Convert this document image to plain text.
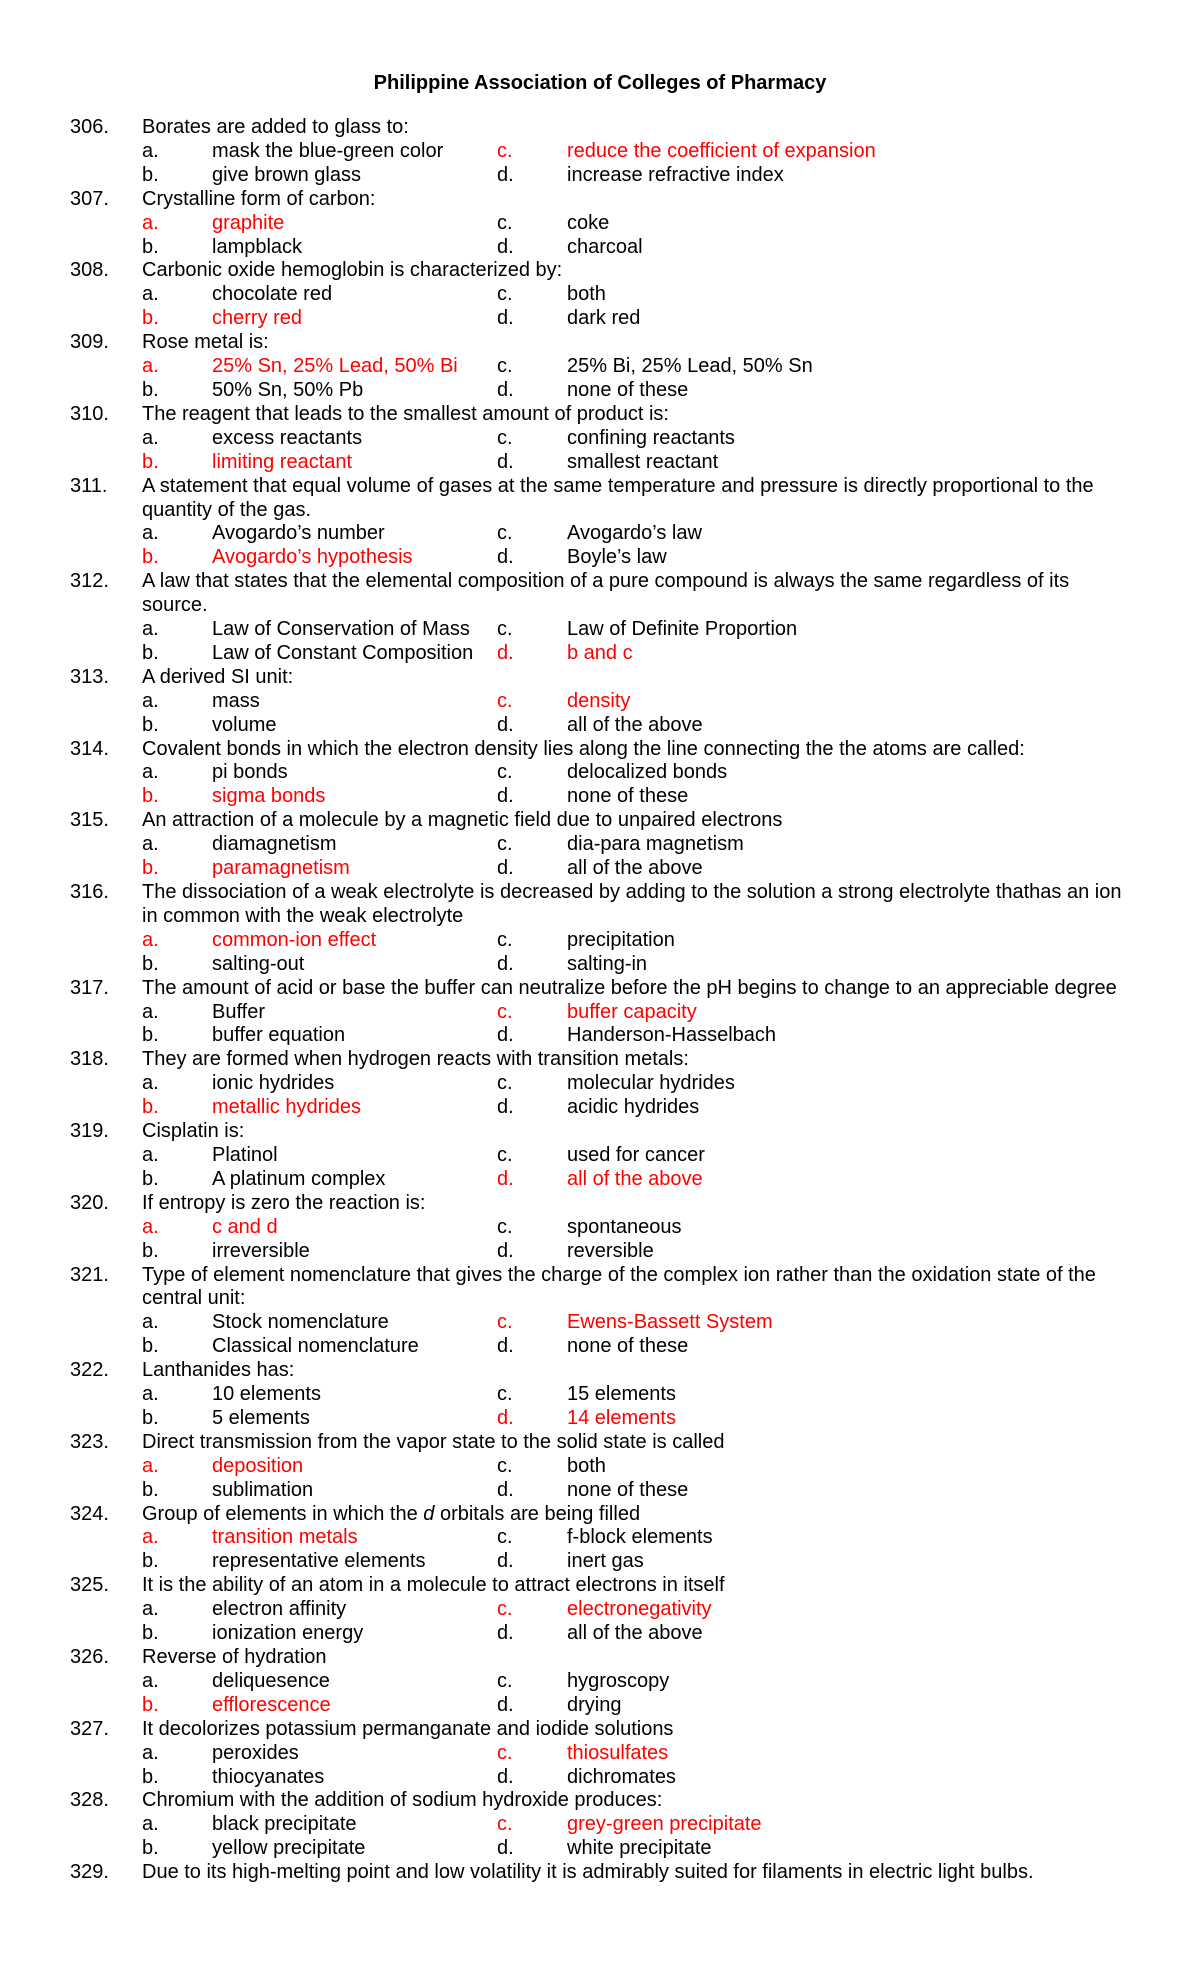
Philippine Association of Colleges of Pharmacy
306.	Borates are added to glass to:
a.	mask the blue-green color	c.	reduce the coefficient of expansion
b.	give brown glass	d.	increase refractive index
307.	Crystalline form of carbon:
a.	graphite	c.	coke
b.	lampblack	d.	charcoal
308.	Carbonic oxide hemoglobin is characterized by:
a.	chocolate red	c.	both
b.	cherry red	d.	dark red
309.	Rose metal is:
a.	25% Sn, 25% Lead, 50% Bi	c.	25% Bi, 25% Lead, 50% Sn
b.	50% Sn, 50% Pb	d.	none of these
310.	The reagent that leads to the smallest amount of product is:
a.	excess reactants	c.	confining reactants
b.	limiting reactant	d.	smallest reactant
311.	A statement that equal volume of gases at the same temperature and pressure is directly proportional to the quantity of the gas.
a.	Avogardo’s number	c.	Avogardo’s law
b.	Avogardo’s hypothesis	d.	Boyle’s law
312.	A law that states that the elemental composition of a pure compound is always the same regardless of its source.
a.	Law of Conservation of Mass	c.	Law of Definite Proportion
b.	Law of Constant Composition	d.	b and c
313.	A derived SI unit:
a.	mass	c.	density
b.	volume	d.	all of the above
314.	Covalent bonds in which the electron density lies along the line connecting the the atoms are called:
a.	pi bonds	c.	delocalized bonds
b.	sigma bonds	d.	none of these
315.	An attraction of a molecule by a magnetic field due to unpaired electrons
a.	diamagnetism	c.	dia-para magnetism
b.	paramagnetism	d.	all of the above
316.	The dissociation of a weak electrolyte is decreased by adding to the solution a strong electrolyte thathas an ion in common with the weak electrolyte
a.	common-ion effect	c.	precipitation
b.	salting-out	d.	salting-in
317.	The amount of acid or base the buffer can neutralize before the pH begins to change to an appreciable degree
a.	Buffer	c.	buffer capacity
b.	buffer equation	d.	Handerson-Hasselbach
318.	They are formed when hydrogen reacts with transition metals:
a.	ionic hydrides	c.	molecular hydrides
b.	metallic hydrides	d.	acidic hydrides
319.	Cisplatin is:
a.	Platinol	c.	used for cancer
b.	A platinum complex	d.	all of the above
320.	If entropy is zero the reaction is:
a.	c and d	c.	spontaneous
b.	irreversible	d.	reversible
321.	Type of element nomenclature that gives the charge of the complex ion rather than the oxidation state of the central unit:
a.	Stock nomenclature	c.	Ewens-Bassett System
b.	Classical nomenclature	d.	none of these
322.	Lanthanides has:
a.	10 elements	c.	15 elements
b.	5 elements	d.	14 elements
323.	Direct transmission from the vapor state to the solid state is called
a.	deposition	c.	both
b.	sublimation	d.	none of these
324.	Group of elements in which the d orbitals are being filled
a.	transition metals	c.	f-block elements
b.	representative elements	d.	inert gas
325.	It is the ability of an atom in a molecule to attract electrons in itself
a.	electron affinity	c.	electronegativity
b.	ionization energy	d.	all of the above
326.	Reverse of hydration
a.	deliquesence	c.	hygroscopy
b.	efflorescence	d.	drying
327.	It decolorizes potassium permanganate and iodide solutions
a.	peroxides	c.	thiosulfates
b.	thiocyanates	d.	dichromates
328.	Chromium with the addition of sodium hydroxide produces:
a.	black precipitate	c.	grey-green precipitate
b.	yellow precipitate	d.	white precipitate
329.	Due to its high-melting point and low volatility it is admirably suited for filaments in electric light bulbs.
